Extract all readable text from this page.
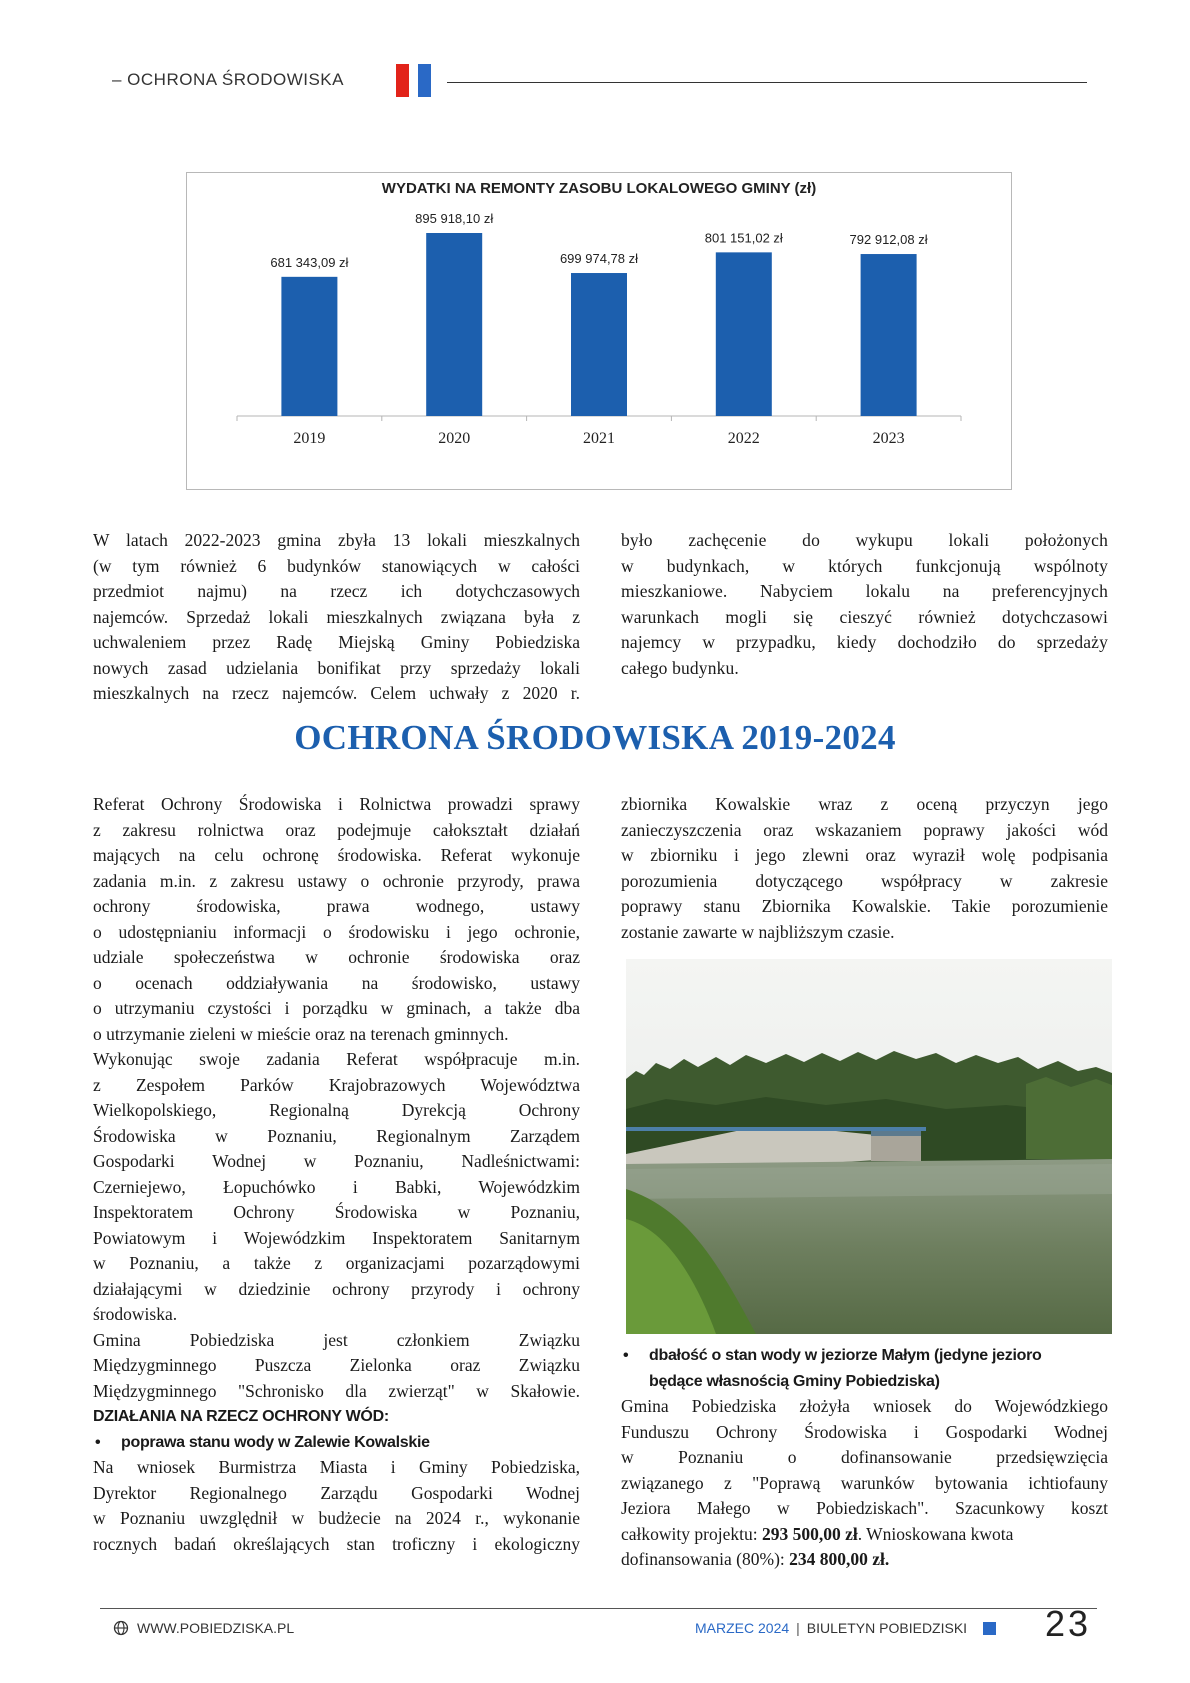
– OCHRONA ŚRODOWISKA
WYDATKI NA REMONTY ZASOBU LOKALOWEGO GMINY (zł)
681 343,09 zł
2019
895 918,10 zł
2020
699 974,78 zł
2021
801 151,02 zł
2022
792 912,08 zł
2023
W latach 2022-2023 gmina zbyła 13 lokali mieszkalnych
(w tym również 6 budynków stanowiących w całości
przedmiot najmu) na rzecz ich dotychczasowych
najemców. Sprzedaż lokali mieszkalnych związana była z
uchwaleniem przez Radę Miejską Gminy Pobiedziska
nowych zasad udzielania bonifikat przy sprzedaży lokali
mieszkalnych na rzecz najemców. Celem uchwały z 2020 r.
było zachęcenie do wykupu lokali położonych
w budynkach, w których funkcjonują wspólnoty
mieszkaniowe. Nabyciem lokalu na preferencyjnych
warunkach mogli się cieszyć również dotychczasowi
najemcy w przypadku, kiedy dochodziło do sprzedaży
całego budynku.
OCHRONA ŚRODOWISKA 2019-2024
Referat Ochrony Środowiska i Rolnictwa prowadzi sprawy
z zakresu rolnictwa oraz podejmuje całokształt działań
mających na celu ochronę środowiska. Referat wykonuje
zadania m.in. z zakresu ustawy o ochronie przyrody, prawa
ochrony środowiska, prawa wodnego, ustawy
o udostępnianiu informacji o środowisku i jego ochronie,
udziale społeczeństwa w ochronie środowiska oraz
o ocenach oddziaływania na środowisko, ustawy
o utrzymaniu czystości i porządku w gminach, a także dba
o utrzymanie zieleni w mieście oraz na terenach gminnych.
Wykonując swoje zadania Referat współpracuje m.in.
z Zespołem Parków Krajobrazowych Województwa
Wielkopolskiego, Regionalną Dyrekcją Ochrony
Środowiska w Poznaniu, Regionalnym Zarządem
Gospodarki Wodnej w Poznaniu, Nadleśnictwami:
Czerniejewo, Łopuchówko i Babki, Wojewódzkim
Inspektoratem Ochrony Środowiska w Poznaniu,
Powiatowym i Wojewódzkim Inspektoratem Sanitarnym
w Poznaniu, a także z organizacjami pozarządowymi
działającymi w dziedzinie ochrony przyrody i ochrony
środowiska.
Gmina Pobiedziska jest członkiem Związku
Międzygminnego Puszcza Zielonka oraz Związku
Międzygminnego "Schronisko dla zwierząt" w Skałowie.
DZIAŁANIA NA RZECZ OCHRONY WÓD:
•	poprawa stanu wody w Zalewie Kowalskie
Na wniosek Burmistrza Miasta i Gminy Pobiedziska,
Dyrektor Regionalnego Zarządu Gospodarki Wodnej
w Poznaniu uwzględnił w budżecie na 2024 r., wykonanie
rocznych badań określających stan troficzny i ekologiczny
zbiornika Kowalskie wraz z oceną przyczyn jego
zanieczyszczenia oraz wskazaniem poprawy jakości wód
w zbiorniku i jego zlewni oraz wyraził wolę podpisania
porozumienia dotyczącego współpracy w zakresie
poprawy stanu Zbiornika Kowalskie. Takie porozumienie
zostanie zawarte w najbliższym czasie.
•	dbałość o stan wody w jeziorze Małym (jedyne jezioro
będące własnością Gminy Pobiedziska)
Gmina Pobiedziska złożyła wniosek do Wojewódzkiego
Funduszu Ochrony Środowiska i Gospodarki Wodnej
w Poznaniu o dofinansowanie przedsięwzięcia
związanego z "Poprawą warunków bytowania ichtiofauny
Jeziora Małego w Pobiedziskach". Szacunkowy koszt
całkowity projektu: 293 500,00 zł. Wnioskowana kwota
dofinansowania (80%): 234 800,00 zł.
WWW.POBIEDZISKA.PL	MARZEC 2024 | BIULETYN POBIEDZISKI 23
